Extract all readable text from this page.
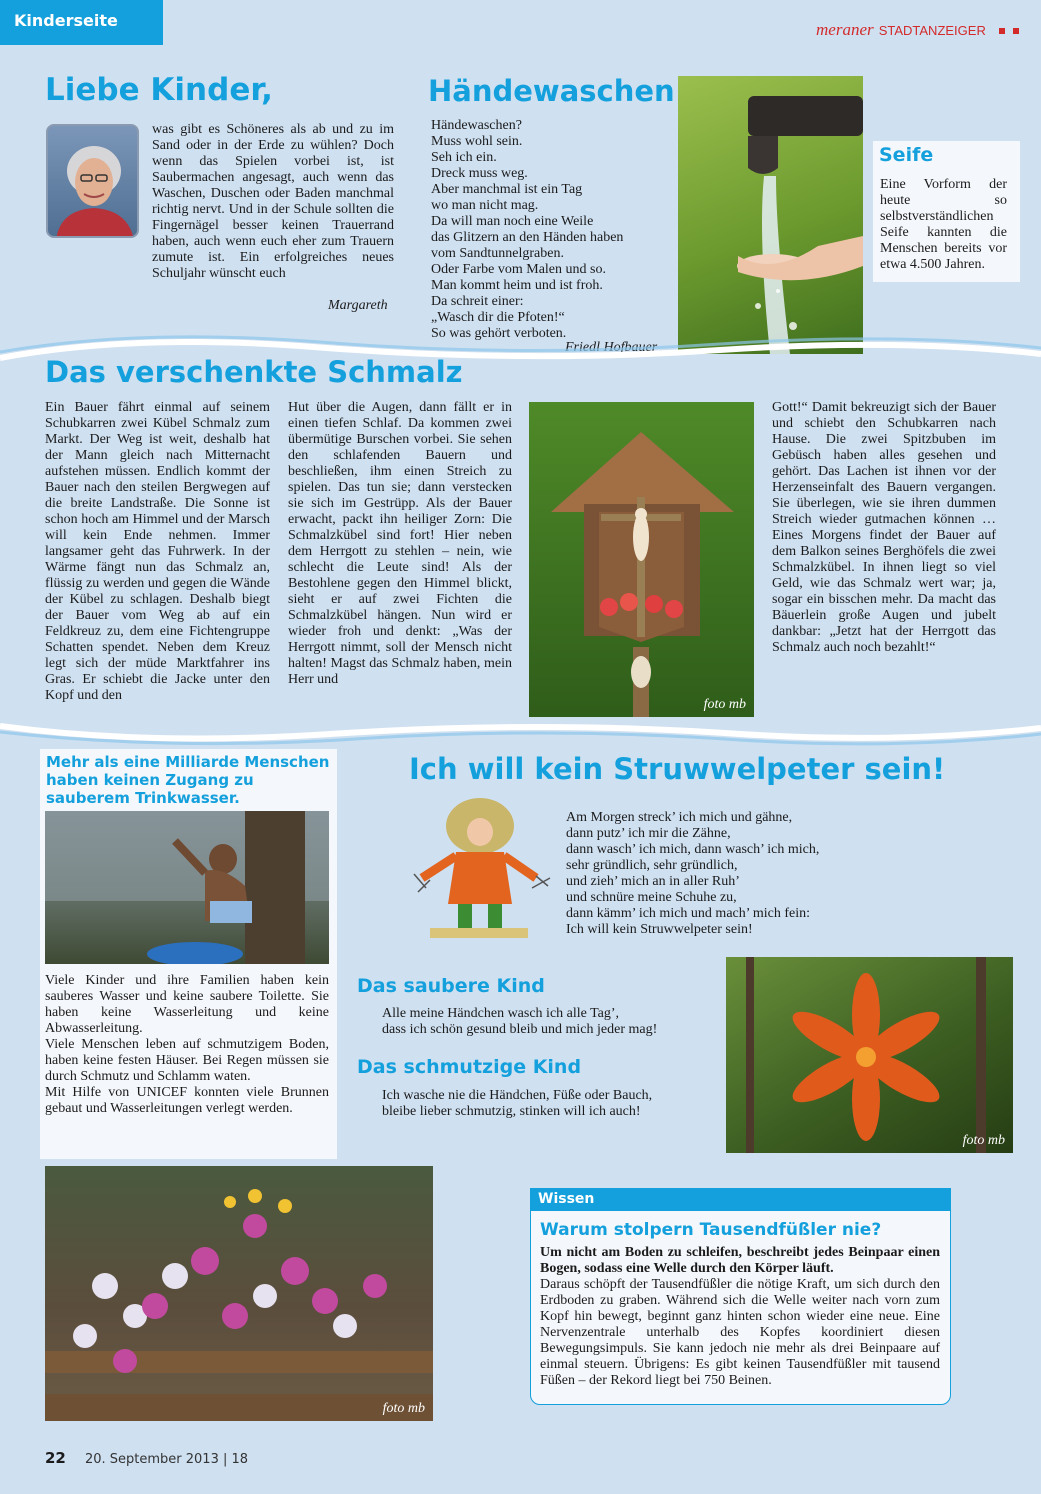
Kinderseite	meraner STADTANZEIGER
Liebe Kinder,
was gibt es Schöneres als ab und zu im Sand oder in der Erde zu wühlen? Doch wenn das Spielen vorbei ist, ist Saubermachen angesagt, auch wenn das Waschen, Duschen oder Baden manchmal richtig nervt. Und in der Schule sollten die Fingernägel besser keinen Trauerrand haben, auch wenn euch eher zum Trauern zumute ist. Ein erfolgreiches neues Schuljahr wünscht euch
Margareth
Händewaschen

Händewaschen?

Muss wohl sein.

Seh ich ein.

Dreck muss weg.

Aber manchmal ist ein Tag

wo man nicht mag.

Da will man noch eine Weile

das Glitzern an den Händen haben

vom Sandtunnelgraben.

Oder Farbe vom Malen und so.

Man kommt heim und ist froh.

Da schreit einer:

„Wasch dir die Pfoten!“

So was gehört verboten.

Friedl Hofbauer
Seife
Eine Vorform der heute so selbstverständlichen Seife kannten die Menschen bereits vor etwa 4.500 Jahren.
Das verschenkte Schmalz
Ein Bauer fährt einmal auf seinem Schubkarren zwei Kübel Schmalz zum Markt. Der Weg ist weit, deshalb hat der Mann gleich nach Mitternacht aufstehen müssen. Endlich kommt der Bauer nach den steilen Bergwegen auf die breite Landstraße. Die Sonne ist schon hoch am Himmel und der Marsch will kein Ende nehmen. Immer langsamer geht das Fuhrwerk. In der Wärme fängt nun das Schmalz an, flüssig zu werden und gegen die Wände der Kübel zu schlagen. Deshalb biegt der Bauer vom Weg ab auf ein Feldkreuz zu, dem eine Fichtengruppe Schatten spendet. Neben dem Kreuz legt sich der müde Marktfahrer ins Gras. Er schiebt die Jacke unter den Kopf und den
Hut über die Augen, dann fällt er in einen tiefen Schlaf. Da kommen zwei übermütige Burschen vorbei. Sie sehen den schlafenden Bauern und beschließen, ihm einen Streich zu spielen. Das tun sie; dann verstecken sie sich im Gestrüpp. Als der Bauer erwacht, packt ihn heiliger Zorn: Die Schmalzkübel sind fort! Hier neben dem Herrgott zu stehlen – nein, wie schlecht die Leute sind! Als der Bestohlene gegen den Himmel blickt, sieht er auf zwei Fichten die Schmalzkübel hängen. Nun wird er wieder froh und denkt: „Was der Herrgott nimmt, soll der Mensch nicht halten! Magst das Schmalz haben, mein Herr und
foto mb
Gott!“ Damit bekreuzigt sich der Bauer und schiebt den Schubkarren nach Hause. Die zwei Spitzbuben im Gebüsch haben alles gesehen und gehört. Das Lachen ist ihnen vor der Herzenseinfalt des Bauern vergangen. Sie überlegen, wie sie ihren dummen Streich wieder gutmachen können … Eines Morgens findet der Bauer auf dem Balkon seines Berghöfels die zwei Schmalzkübel. In ihnen liegt so viel Geld, wie das Schmalz wert war; ja, sogar ein bisschen mehr. Da macht das Bäuerlein große Augen und jubelt dankbar: „Jetzt hat der Herrgott das Schmalz auch noch bezahlt!“
Mehr als eine Milliarde Menschen haben keinen Zugang zu sauberem Trinkwasser.

Viele Kinder und ihre Familien haben kein sauberes Wasser und keine saubere Toilette. Sie haben keine Wasserleitung und keine Abwasserleitung.

Viele Menschen leben auf schmutzigem Boden, haben keine festen Häuser. Bei Regen müssen sie durch Schmutz und Schlamm waten.

Mit Hilfe von UNICEF konnten viele Brunnen gebaut und Wasserleitungen verlegt werden.

Ich will kein Struwwelpeter sein!

Am Morgen streck’ ich mich und gähne,

dann putz’ ich mir die Zähne,

dann wasch’ ich mich, dann wasch’ ich mich,

sehr gründlich, sehr gründlich,

und zieh’ mich an in aller Ruh’

und schnüre meine Schuhe zu,

dann kämm’ ich mich und mach’ mich fein:

Ich will kein Struwwelpeter sein!

Das saubere Kind

Alle meine Händchen wasch ich alle Tag’,

dass ich schön gesund bleib und mich jeder mag!

Das schmutzige Kind

Ich wasche nie die Händchen, Füße oder Bauch,

bleibe lieber schmutzig, stinken will ich auch!

foto mb
foto mb
Wissen
Warum stolpern Tausendfüßler nie?

Um nicht am Boden zu schleifen, beschreibt jedes Beinpaar einen Bogen, sodass eine Welle durch den Körper läuft.

Daraus schöpft der Tausendfüßler die nötige Kraft, um sich durch den Erdboden zu graben. Während sich die Welle weiter nach vorn zum Kopf hin bewegt, beginnt ganz hinten schon wieder eine neue. Eine Nervenzentrale unterhalb des Kopfes koordiniert diesen Bewegungsimpuls. Sie kann jedoch nie mehr als drei Beinpaare auf einmal steuern. Übrigens: Es gibt keinen Tausendfüßler mit tausend Füßen – der Rekord liegt bei 750 Beinen.

22 20. September 2013 | 18
